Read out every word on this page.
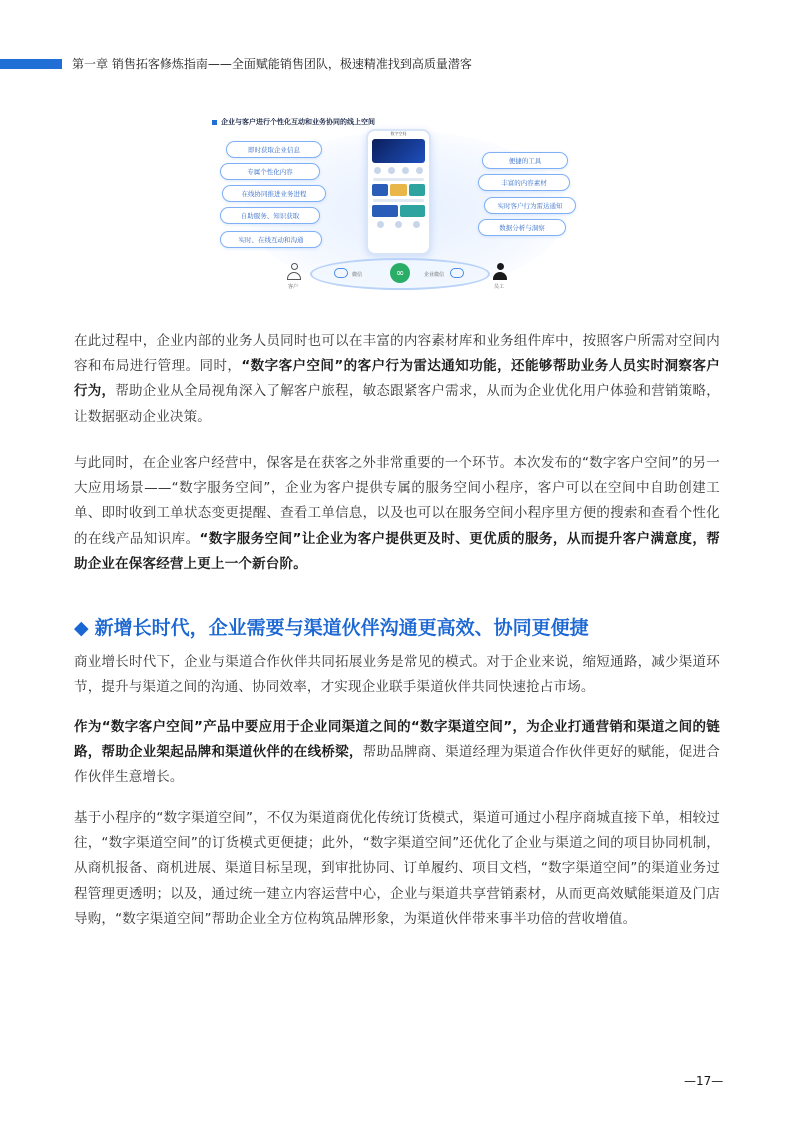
第一章 销售拓客修炼指南——全面赋能销售团队，极速精准找到高质量潜客
企业与客户进行个性化互动和业务协同的线上空间
即时获取企业信息
专属个性化内容
在线协同推进业务进程
自助服务、知识获取
实时、在线互动和沟通
便捷的工具
丰富的内容素材
实时客户行为雷达通知
数据分析与洞察
数字空间
微信	∞	企业微信
客户	员工
在此过程中，企业内部的业务人员同时也可以在丰富的内容素材库和业务组件库中，按照客户所需对空间内容和布局进行管理。同时，“数字客户空间”的客户行为雷达通知功能，还能够帮助业务人员实时洞察客户行为，帮助企业从全局视角深入了解客户旅程，敏态跟紧客户需求，从而为企业优化用户体验和营销策略，让数据驱动企业决策。
与此同时，在企业客户经营中，保客是在获客之外非常重要的一个环节。本次发布的“数字客户空间”的另一大应用场景——“数字服务空间”，企业为客户提供专属的服务空间小程序，客户可以在空间中自助创建工单、即时收到工单状态变更提醒、查看工单信息，以及也可以在服务空间小程序里方便的搜索和查看个性化的在线产品知识库。“数字服务空间”让企业为客户提供更及时、更优质的服务，从而提升客户满意度，帮助企业在保客经营上更上一个新台阶。
◆ 新增长时代，企业需要与渠道伙伴沟通更高效、协同更便捷
商业增长时代下，企业与渠道合作伙伴共同拓展业务是常见的模式。对于企业来说，缩短通路，减少渠道环节，提升与渠道之间的沟通、协同效率，才实现企业联手渠道伙伴共同快速抢占市场。
作为“数字客户空间”产品中要应用于企业同渠道之间的“数字渠道空间”，为企业打通营销和渠道之间的链路，帮助企业架起品牌和渠道伙伴的在线桥梁，帮助品牌商、渠道经理为渠道合作伙伴更好的赋能，促进合作伙伴生意增长。
基于小程序的“数字渠道空间”，不仅为渠道商优化传统订货模式，渠道可通过小程序商城直接下单，相较过往，“数字渠道空间”的订货模式更便捷；此外，“数字渠道空间”还优化了企业与渠道之间的项目协同机制，从商机报备、商机进展、渠道目标呈现，到审批协同、订单履约、项目文档，“数字渠道空间”的渠道业务过程管理更透明；以及，通过统一建立内容运营中心，企业与渠道共享营销素材，从而更高效赋能渠道及门店导购，“数字渠道空间”帮助企业全方位构筑品牌形象，为渠道伙伴带来事半功倍的营收增值。
—17—
